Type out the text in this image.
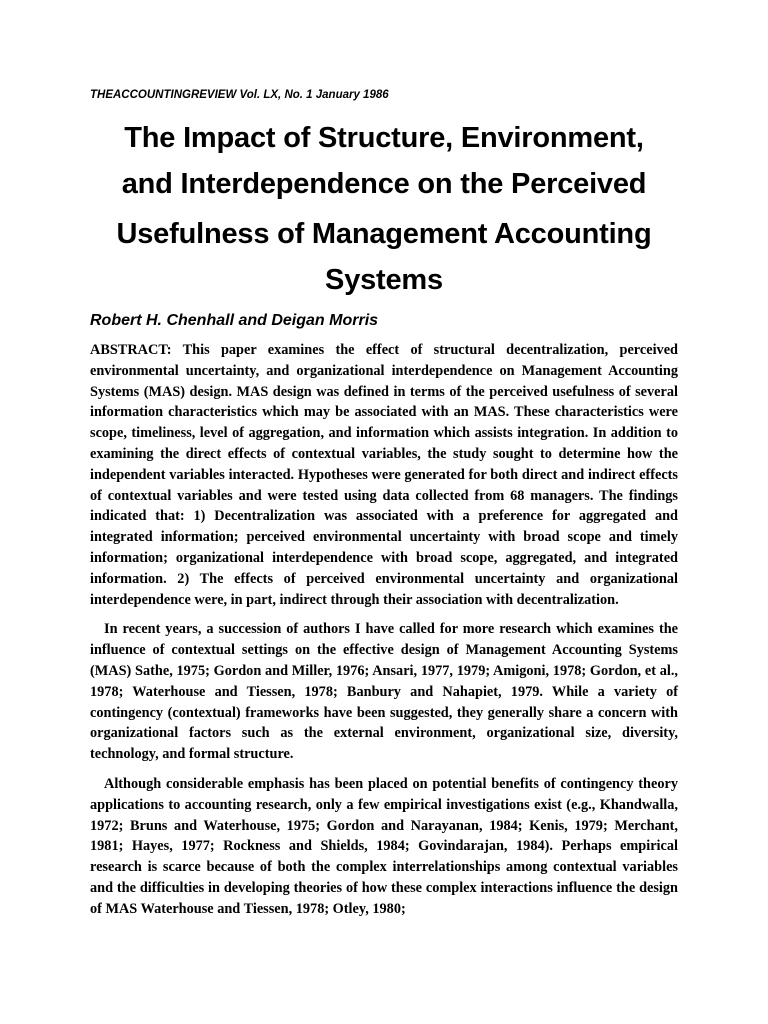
THEACCOUNTINGREVIEW Vol. LX, No. 1 January 1986
The Impact of Structure, Environment,
and Interdependence on the Perceived
Usefulness of Management Accounting
Systems
Robert H. Chenhall and Deigan Morris

ABSTRACT: This paper examines the effect of structural decentralization, perceived environmental uncertainty, and organizational interdependence on Management Accounting Systems (MAS) design. MAS design was defined in terms of the perceived usefulness of several information characteristics which may be associated with an MAS. These characteristics were scope, timeliness, level of aggregation, and information which assists integration. In addition to examining the direct effects of contextual variables, the study sought to determine how the independent variables interacted. Hypotheses were generated for both direct and indirect effects of contextual variables and were tested using data collected from 68 managers. The findings indicated that: 1) Decentralization was associated with a preference for aggregated and integrated information; perceived environmental uncertainty with broad scope and timely information; organizational interdependence with broad scope, aggregated, and integrated information. 2) The effects of perceived environmental uncertainty and organizational interdependence were, in part, indirect through their association with decentralization.

In recent years, a succession of authors I have called for more research which examines the influence of contextual settings on the effective design of Management Accounting Systems (MAS) Sathe, 1975; Gordon and Miller, 1976; Ansari, 1977, 1979; Amigoni, 1978; Gordon, et al., 1978; Waterhouse and Tiessen, 1978; Banbury and Nahapiet, 1979. While a variety of contingency (contextual) frameworks have been suggested, they generally share a concern with organizational factors such as the external environment, organizational size, diversity, technology, and formal structure.

Although considerable emphasis has been placed on potential benefits of contingency theory applications to accounting research, only a few empirical investigations exist (e.g., Khandwalla, 1972; Bruns and Waterhouse, 1975; Gordon and Narayanan, 1984; Kenis, 1979; Merchant, 1981; Hayes, 1977; Rockness and Shields, 1984; Govindarajan, 1984). Perhaps empirical research is scarce because of both the complex interrelationships among contextual variables and the difficulties in developing theories of how these complex interactions influence the design of MAS Waterhouse and Tiessen, 1978; Otley, 1980;
